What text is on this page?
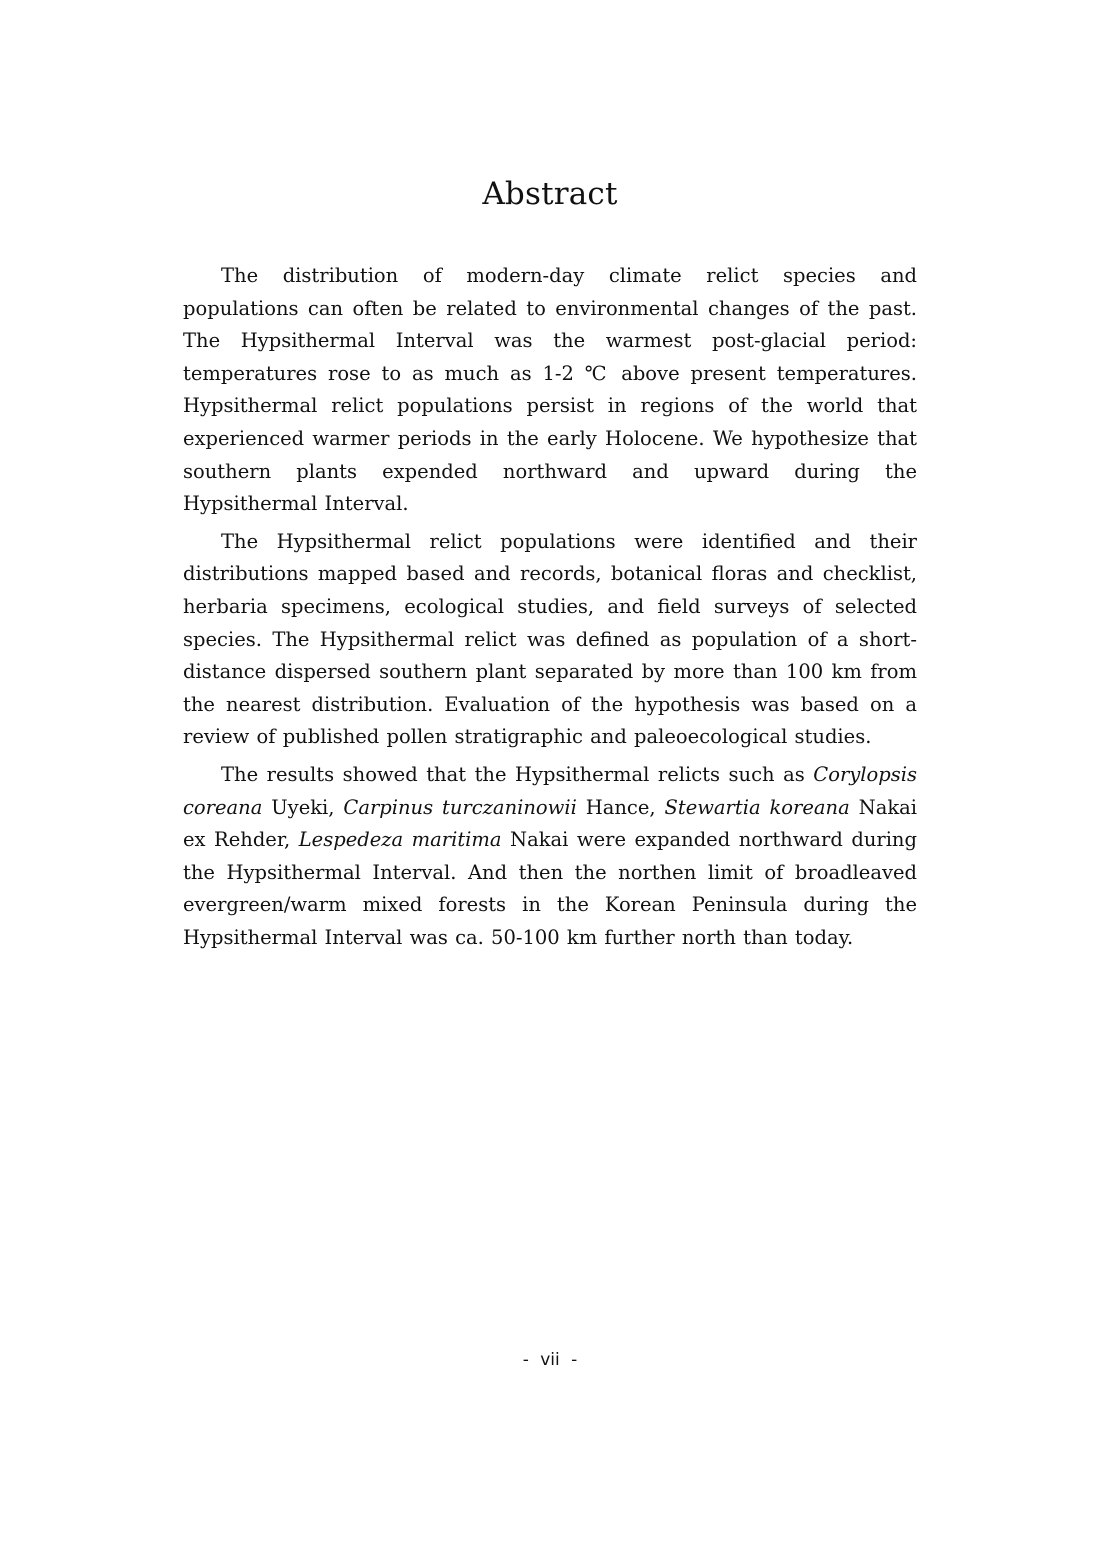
Abstract

The distribution of modern-day climate relict species and populations can often be related to environmental changes of the past. The Hypsithermal Interval was the warmest post-glacial period: temperatures rose to as much as 1-2 ℃ above present temperatures. Hypsithermal relict populations persist in regions of the world that experienced warmer periods in the early Holocene. We hypothesize that southern plants expended northward and upward during the Hypsithermal Interval.

The Hypsithermal relict populations were identified and their distributions mapped based and records, botanical floras and checklist, herbaria specimens, ecological studies, and field surveys of selected species. The Hypsithermal relict was defined as population of a short-distance dispersed southern plant separated by more than 100 km from the nearest distribution. Evaluation of the hypothesis was based on a review of published pollen stratigraphic and paleoecological studies.

The results showed that the Hypsithermal relicts such as Corylopsis coreana Uyeki, Carpinus turczaninowii Hance, Stewartia koreana Nakai ex Rehder, Lespedeza maritima Nakai were expanded northward during the Hypsithermal Interval. And then the northen limit of broadleaved evergreen/warm mixed forests in the Korean Peninsula during the Hypsithermal Interval was ca. 50-100 km further north than today.

- vii -
